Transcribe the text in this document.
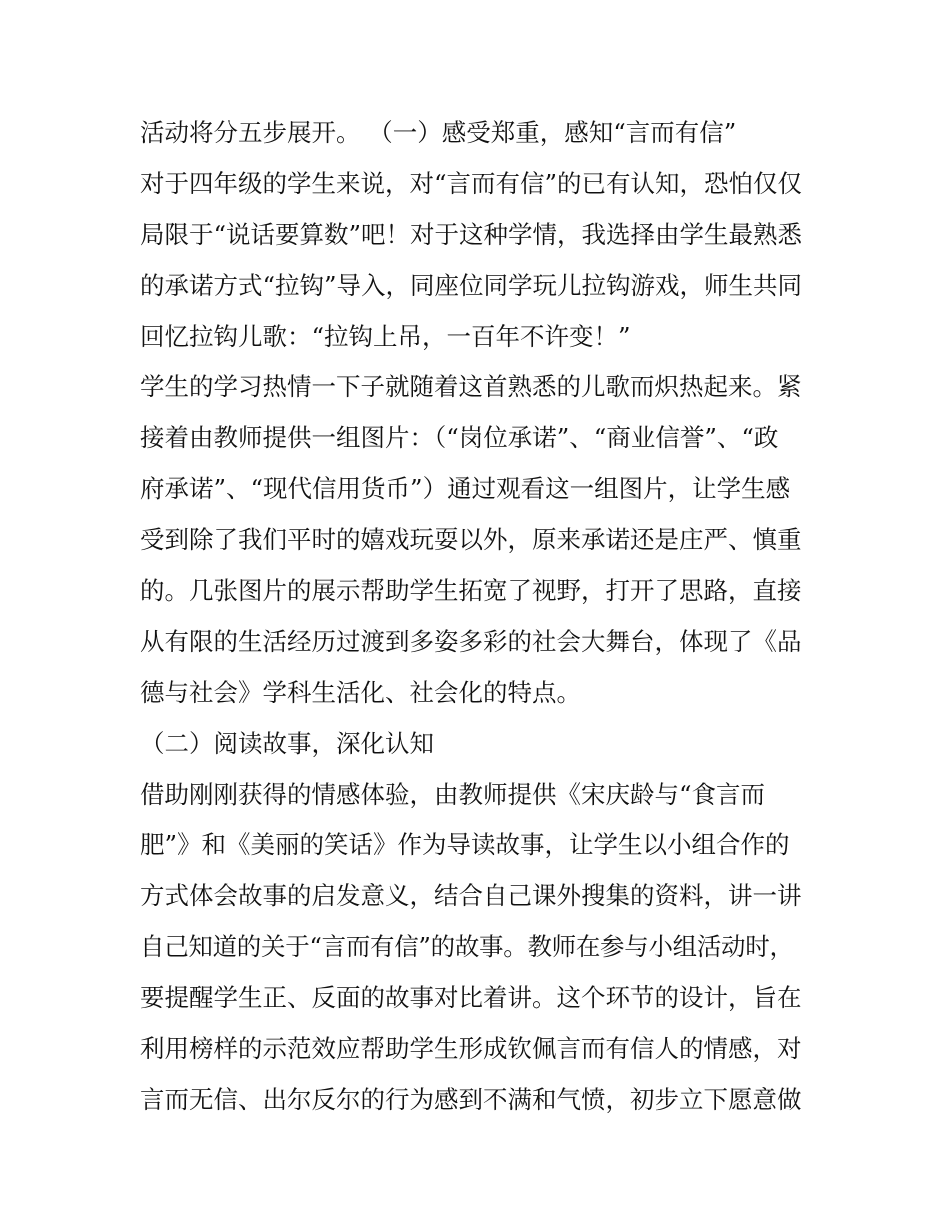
活动将分五步展开。 （一）感受郑重，感知“言而有信”
对于四年级的学生来说，对“言而有信”的已有认知，恐怕仅仅
局限于“说话要算数”吧！对于这种学情，我选择由学生最熟悉
的承诺方式“拉钩”导入，同座位同学玩儿拉钩游戏，师生共同
回忆拉钩儿歌：“拉钩上吊，一百年不许变！”
学生的学习热情一下子就随着这首熟悉的儿歌而炽热起来。紧
接着由教师提供一组图片：（“岗位承诺”、“商业信誉”、“政
府承诺”、“现代信用货币”）通过观看这一组图片，让学生感
受到除了我们平时的嬉戏玩耍以外，原来承诺还是庄严、慎重
的。几张图片的展示帮助学生拓宽了视野，打开了思路，直接
从有限的生活经历过渡到多姿多彩的社会大舞台，体现了《品
德与社会》学科生活化、社会化的特点。
（二）阅读故事，深化认知
借助刚刚获得的情感体验，由教师提供《宋庆龄与“食言而
肥”》和《美丽的笑话》作为导读故事，让学生以小组合作的
方式体会故事的启发意义，结合自己课外搜集的资料，讲一讲
自己知道的关于“言而有信”的故事。教师在参与小组活动时，
要提醒学生正、反面的故事对比着讲。这个环节的设计，旨在
利用榜样的示范效应帮助学生形成钦佩言而有信人的情感，对
言而无信、出尔反尔的行为感到不满和气愤，初步立下愿意做
